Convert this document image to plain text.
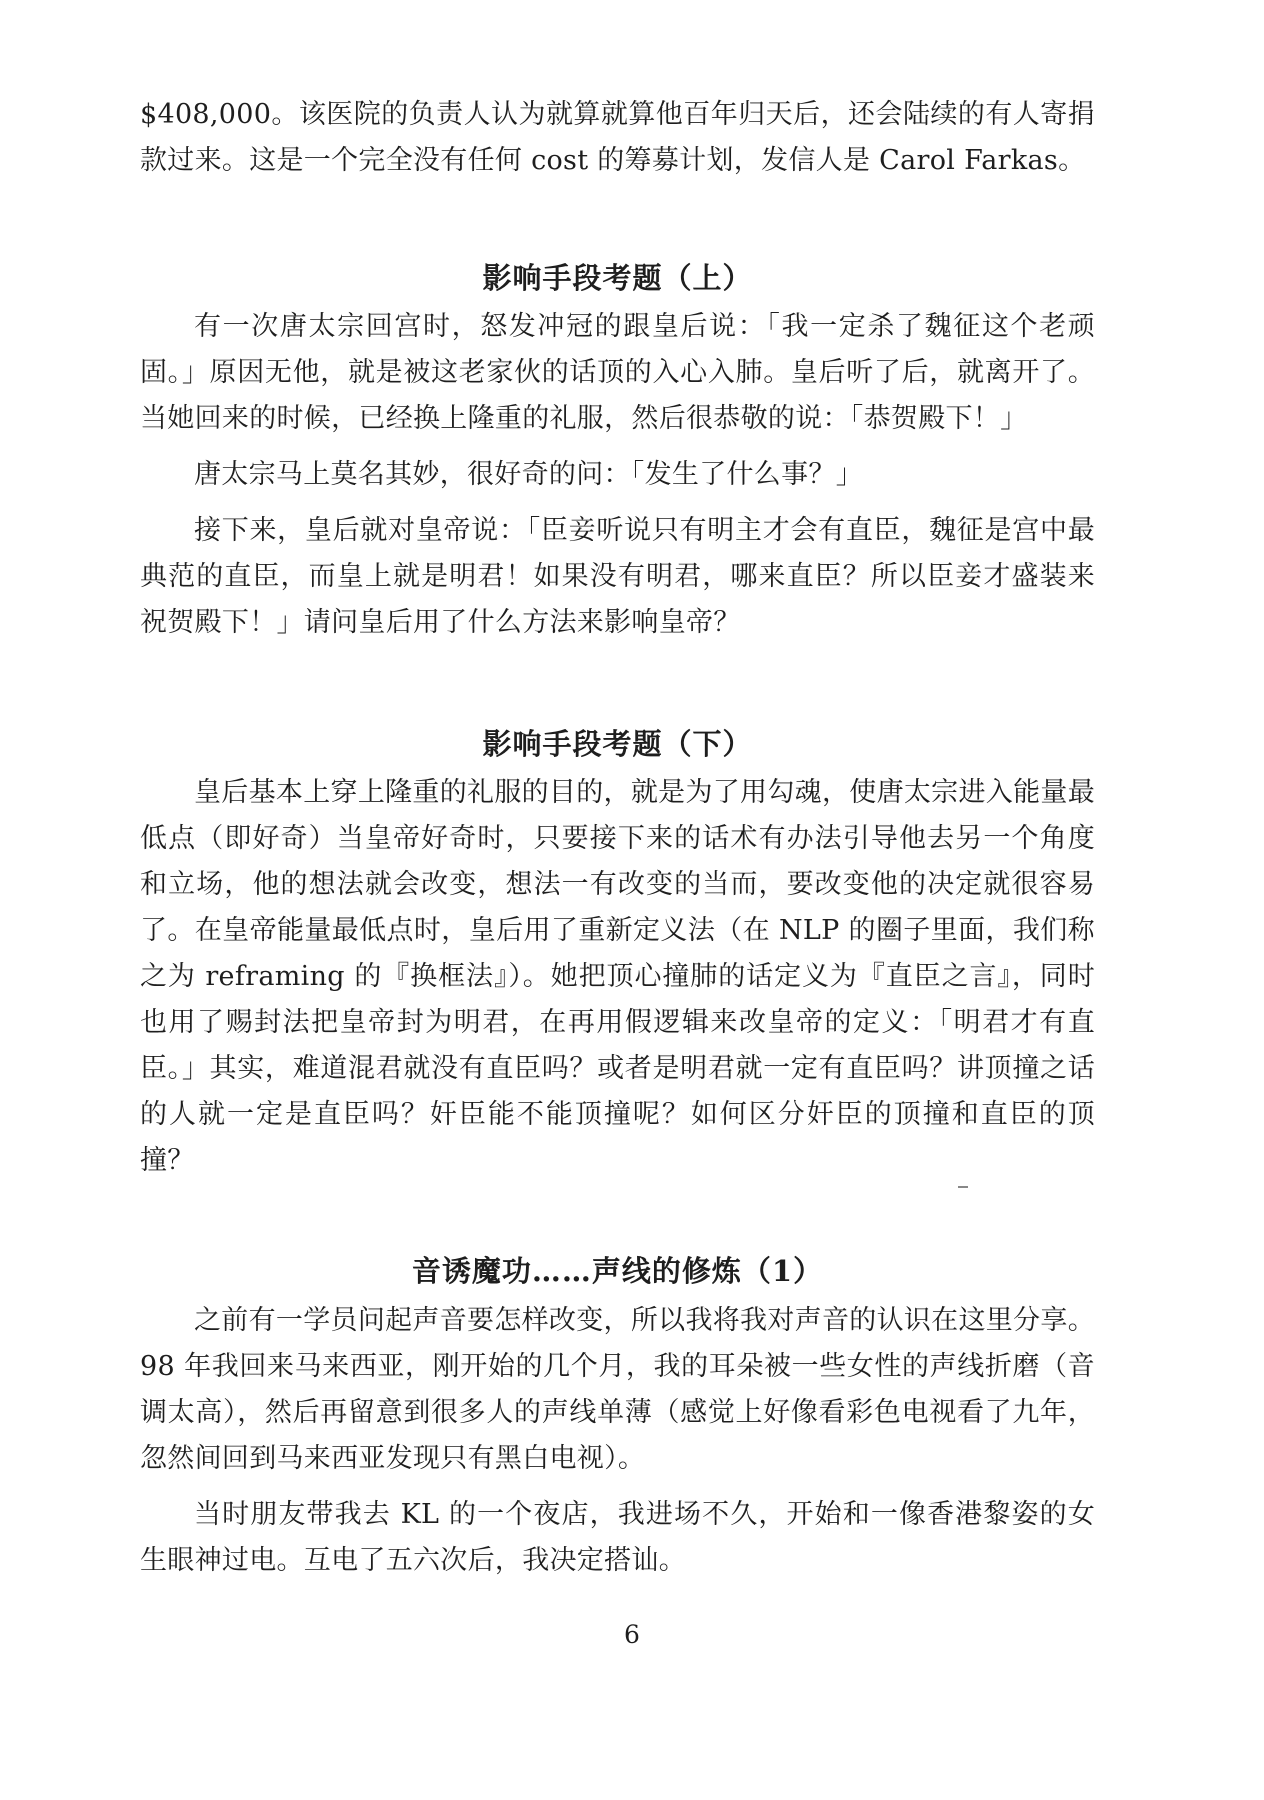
$408,000。该医院的负责人认为就算就算他百年归天后，还会陆续的有人寄捐款过来。这是一个完全没有任何 cost 的筹募计划，发信人是 Carol Farkas。

影响手段考题（上）

有一次唐太宗回宫时，怒发冲冠的跟皇后说：「我一定杀了魏征这个老顽固。」原因无他，就是被这老家伙的话顶的入心入肺。皇后听了后，就离开了。当她回来的时候，已经换上隆重的礼服，然后很恭敬的说：「恭贺殿下！」

唐太宗马上莫名其妙，很好奇的问：「发生了什么事？」

接下来，皇后就对皇帝说：「臣妾听说只有明主才会有直臣，魏征是宫中最典范的直臣，而皇上就是明君！如果没有明君，哪来直臣？所以臣妾才盛装来祝贺殿下！」请问皇后用了什么方法来影响皇帝？

影响手段考题（下）

皇后基本上穿上隆重的礼服的目的，就是为了用勾魂，使唐太宗进入能量最低点（即好奇）当皇帝好奇时，只要接下来的话术有办法引导他去另一个角度和立场，他的想法就会改变，想法一有改变的当而，要改变他的决定就很容易了。在皇帝能量最低点时，皇后用了重新定义法（在 NLP 的圈子里面，我们称之为 reframing 的『换框法』）。她把顶心撞肺的话定义为『直臣之言』，同时也用了赐封法把皇帝封为明君，在再用假逻辑来改皇帝的定义：「明君才有直臣。」其实，难道混君就没有直臣吗？或者是明君就一定有直臣吗？讲顶撞之话的人就一定是直臣吗？奸臣能不能顶撞呢？如何区分奸臣的顶撞和直臣的顶撞？

音诱魔功……声线的修炼（1）

之前有一学员问起声音要怎样改变，所以我将我对声音的认识在这里分享。98 年我回来马来西亚，刚开始的几个月，我的耳朵被一些女性的声线折磨（音调太高），然后再留意到很多人的声线单薄（感觉上好像看彩色电视看了九年，忽然间回到马来西亚发现只有黑白电视）。

当时朋友带我去 KL 的一个夜店，我进场不久，开始和一像香港黎姿的女生眼神过电。互电了五六次后，我决定搭讪。

6
